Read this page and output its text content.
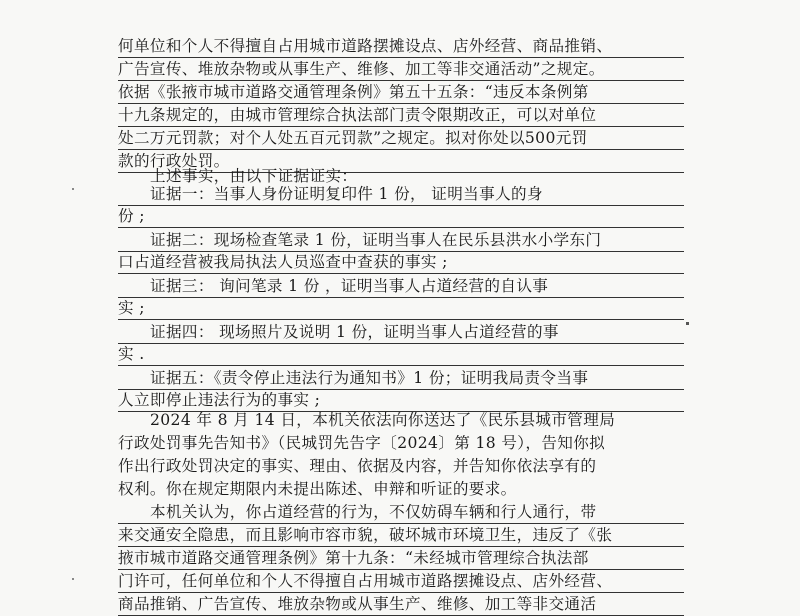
何单位和个人不得擅自占用城市道路摆摊设点、店外经营、商品推销、
广告宣传、堆放杂物或从事生产、维修、加工等非交通活动”之规定。
依据《张掖市城市道路交通管理条例》第五十五条：“违反本条例第
十九条规定的，由城市管理综合执法部门责令限期改正，可以对单位
处二万元罚款；对个人处五百元罚款”之规定。拟对你处以500元罚
款的行政处罚。
上述事实，由以下证据证实：
证据一：当事人身份证明复印件 1 份， 证明当事人的身
份 ;
证据二：现场检查笔录 1 份，证明当事人在民乐县洪水小学东门
口占道经营被我局执法人员巡查中查获的事实 ;
证据三： 询问笔录 1 份 ，证明当事人占道经营的自认事
实 ;
证据四： 现场照片及说明 1 份，证明当事人占道经营的事
实 .
证据五：《责令停止违法行为通知书》1 份；证明我局责令当事
人立即停止违法行为的事实 ;
2024 年 8 月 14 日，本机关依法向你送达了《民乐县城市管理局
行政处罚事先告知书》（民城罚先告字〔2024〕第 18 号），告知你拟
作出行政处罚决定的事实、理由、依据及内容，并告知你依法享有的
权利。你在规定期限内未提出陈述、申辩和听证的要求。
本机关认为，你占道经营的行为，不仅妨碍车辆和行人通行，带
来交通安全隐患，而且影响市容市貌，破坏城市环境卫生，违反了《张
掖市城市道路交通管理条例》第十九条：“未经城市管理综合执法部
门许可，任何单位和个人不得擅自占用城市道路摆摊设点、店外经营、
商品推销、广告宣传、堆放杂物或从事生产、维修、加工等非交通活
